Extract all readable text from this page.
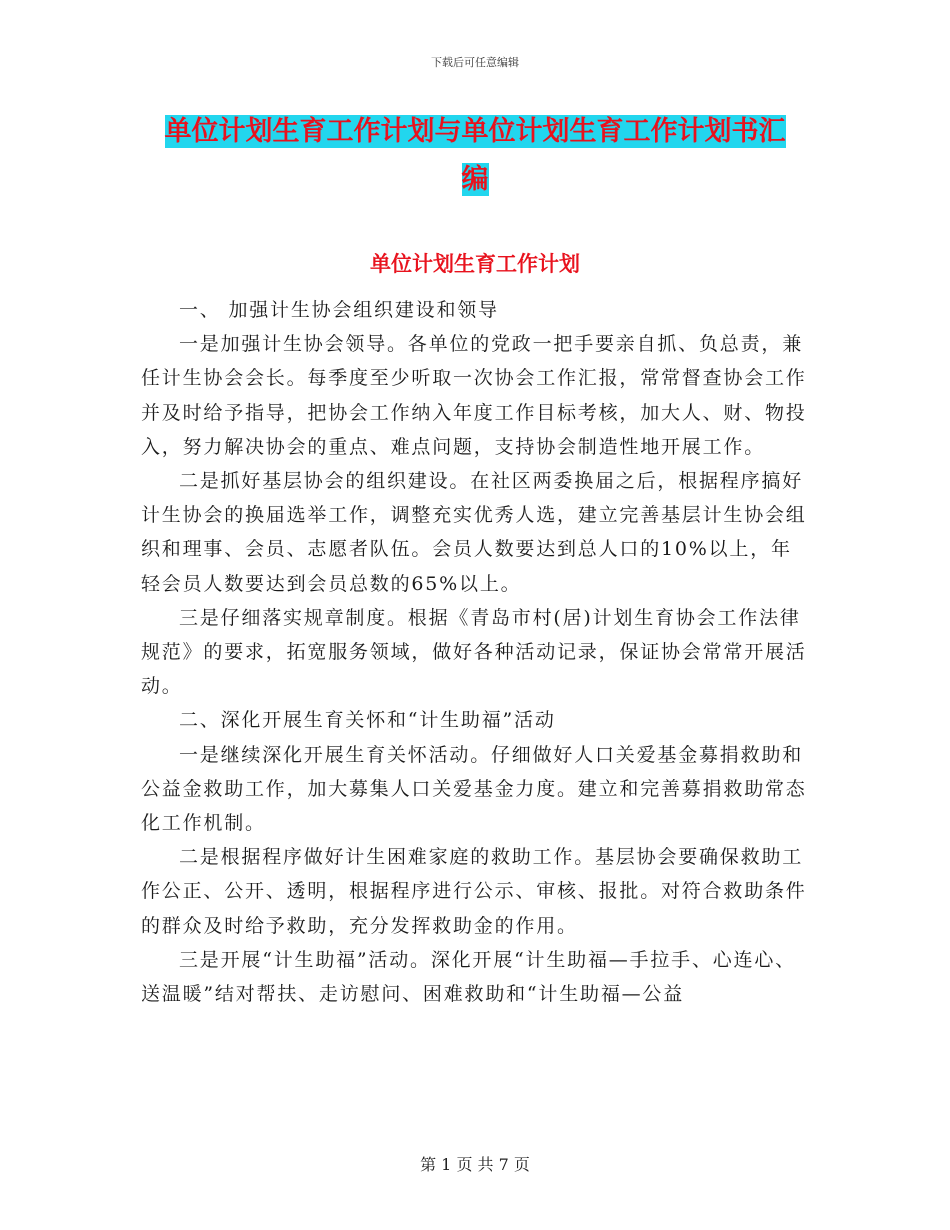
下载后可任意编辑
单位计划生育工作计划与单位计划生育工作计划书汇
编
单位计划生育工作计划

一、 加强计生协会组织建设和领导

一是加强计生协会领导。各单位的党政一把手要亲自抓、负总责，兼任计生协会会长。每季度至少听取一次协会工作汇报，常常督查协会工作并及时给予指导，把协会工作纳入年度工作目标考核，加大人、财、物投入，努力解决协会的重点、难点问题，支持协会制造性地开展工作。

二是抓好基层协会的组织建设。在社区两委换届之后，根据程序搞好计生协会的换届选举工作，调整充实优秀人选，建立完善基层计生协会组织和理事、会员、志愿者队伍。会员人数要达到总人口的10%以上，年轻会员人数要达到会员总数的65%以上。

三是仔细落实规章制度。根据《青岛市村(居)计划生育协会工作法律规范》的要求，拓宽服务领域，做好各种活动记录，保证协会常常开展活动。

二、深化开展生育关怀和“计生助福”活动

一是继续深化开展生育关怀活动。仔细做好人口关爱基金募捐救助和公益金救助工作，加大募集人口关爱基金力度。建立和完善募捐救助常态化工作机制。

二是根据程序做好计生困难家庭的救助工作。基层协会要确保救助工作公正、公开、透明，根据程序进行公示、审核、报批。对符合救助条件的群众及时给予救助，充分发挥救助金的作用。

三是开展“计生助福”活动。深化开展“计生助福—手拉手、心连心、送温暖”结对帮扶、走访慰问、困难救助和“计生助福—公益

第 1 页 共 7 页
